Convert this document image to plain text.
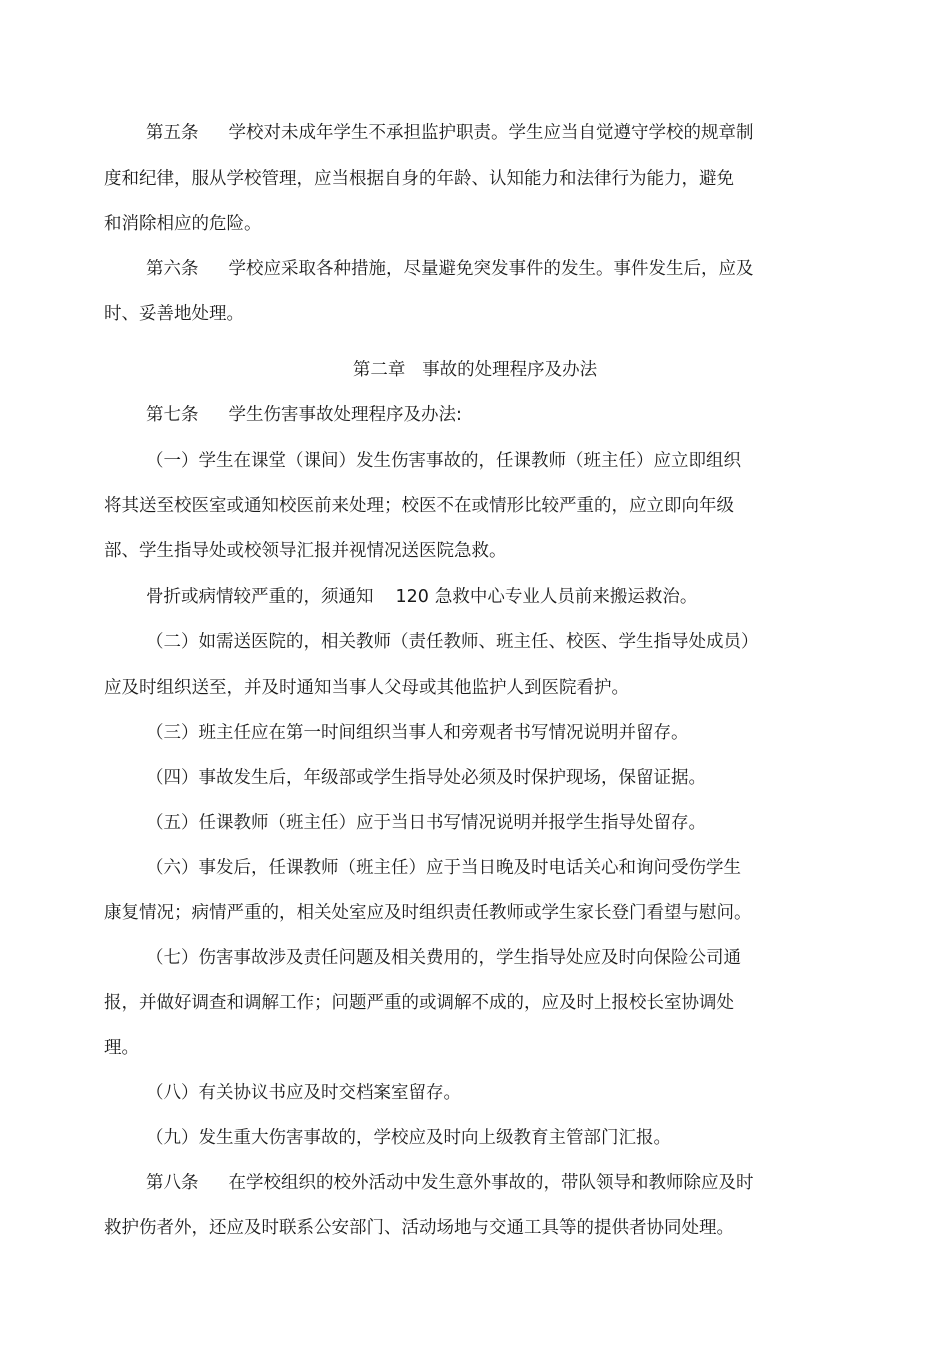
第五条 学校对未成年学生不承担监护职责。学生应当自觉遵守学校的规章制
度和纪律，服从学校管理，应当根据自身的年龄、认知能力和法律行为能力，避免
和消除相应的危险。
第六条 学校应采取各种措施，尽量避免突发事件的发生。事件发生后，应及
时、妥善地处理。
第二章   事故的处理程序及办法
第七条 学生伤害事故处理程序及办法:
（一）学生在课堂（课间）发生伤害事故的，任课教师（班主任）应立即组织
将其送至校医室或通知校医前来处理；校医不在或情形比较严重的，应立即向年级
部、学生指导处或校领导汇报并视情况送医院急救。
骨折或病情较严重的，须通知 120 急救中心专业人员前来搬运救治。
（二）如需送医院的，相关教师（责任教师、班主任、校医、学生指导处成员）
应及时组织送至，并及时通知当事人父母或其他监护人到医院看护。
（三）班主任应在第一时间组织当事人和旁观者书写情况说明并留存。
（四）事故发生后，年级部或学生指导处必须及时保护现场，保留证据。
（五）任课教师（班主任）应于当日书写情况说明并报学生指导处留存。
（六）事发后，任课教师（班主任）应于当日晚及时电话关心和询问受伤学生
康复情况；病情严重的，相关处室应及时组织责任教师或学生家长登门看望与慰问。
（七）伤害事故涉及责任问题及相关费用的，学生指导处应及时向保险公司通
报，并做好调查和调解工作；问题严重的或调解不成的，应及时上报校长室协调处
理。
（八）有关协议书应及时交档案室留存。
（九）发生重大伤害事故的，学校应及时向上级教育主管部门汇报。
第八条 在学校组织的校外活动中发生意外事故的，带队领导和教师除应及时
救护伤者外，还应及时联系公安部门、活动场地与交通工具等的提供者协同处理。
